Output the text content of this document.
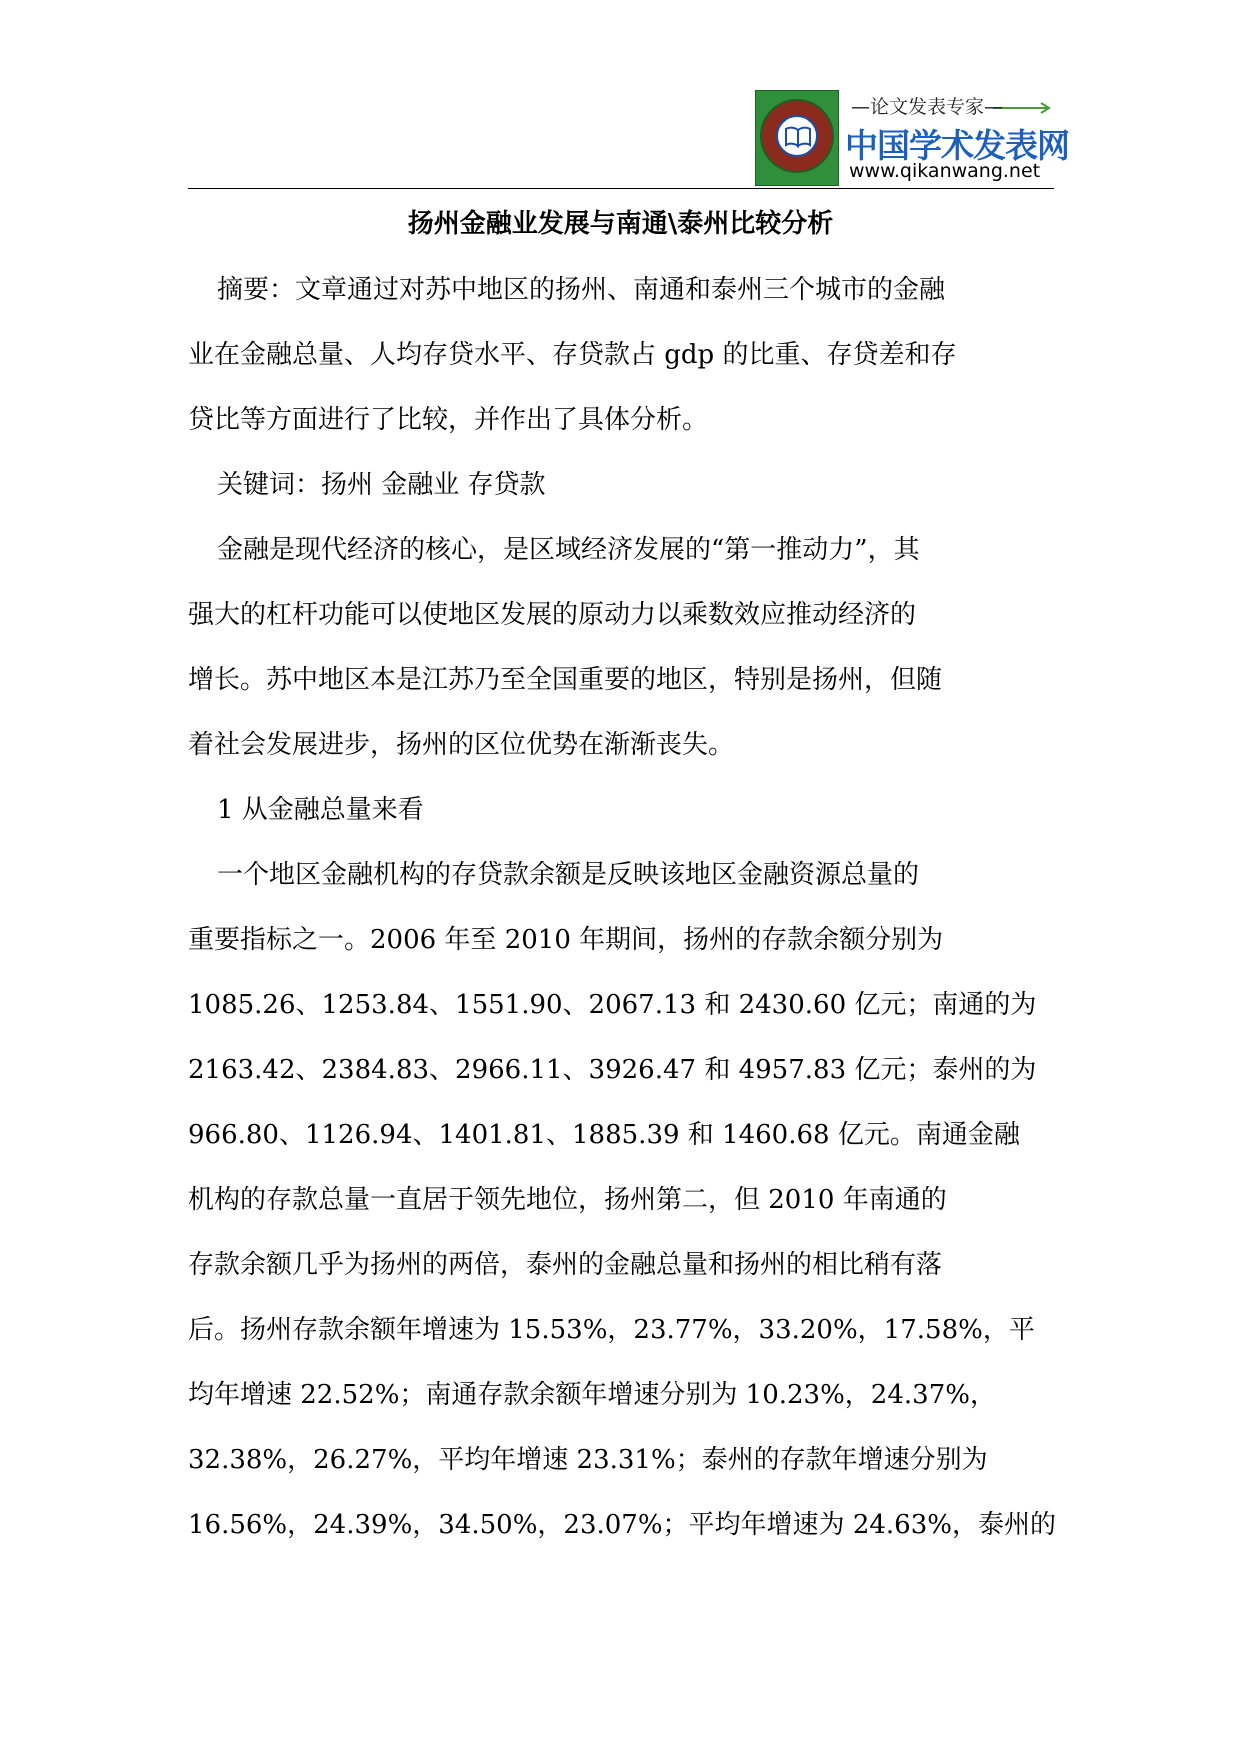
—论文发表专家—
中国学术发表网
www.qikanwang.net
扬州金融业发展与南通\泰州比较分析
摘要：文章通过对苏中地区的扬州、南通和泰州三个城市的金融
业在金融总量、人均存贷水平、存贷款占 gdp 的比重、存贷差和存
贷比等方面进行了比较，并作出了具体分析。
关键词：扬州 金融业 存贷款
金融是现代经济的核心，是区域经济发展的“第一推动力”，其
强大的杠杆功能可以使地区发展的原动力以乘数效应推动经济的
增长。苏中地区本是江苏乃至全国重要的地区，特别是扬州，但随
着社会发展进步，扬州的区位优势在渐渐丧失。
1 从金融总量来看
一个地区金融机构的存贷款余额是反映该地区金融资源总量的
重要指标之一。2006 年至 2010 年期间，扬州的存款余额分别为
1085.26、1253.84、1551.90、2067.13 和 2430.60 亿元；南通的为
2163.42、2384.83、2966.11、3926.47 和 4957.83 亿元；泰州的为
966.80、1126.94、1401.81、1885.39 和 1460.68 亿元。南通金融
机构的存款总量一直居于领先地位，扬州第二，但 2010 年南通的
存款余额几乎为扬州的两倍，泰州的金融总量和扬州的相比稍有落
后。扬州存款余额年增速为 15.53%，23.77%，33.20%，17.58%，平
均年增速 22.52%；南通存款余额年增速分别为 10.23%，24.37%，
32.38%，26.27%，平均年增速 23.31%；泰州的存款年增速分别为
16.56%，24.39%，34.50%，23.07%；平均年增速为 24.63%，泰州的
